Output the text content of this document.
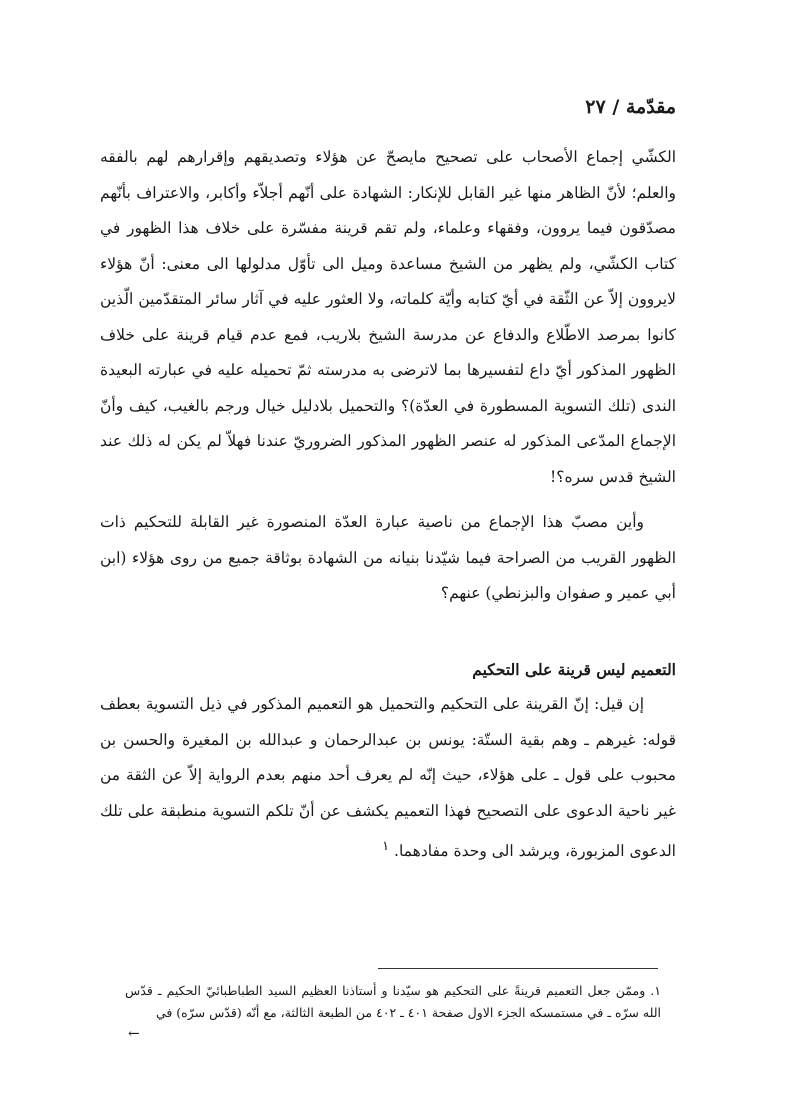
مقدّمة / ٢٧

الكشّي إجماع الأصحاب على تصحيح مايصحّ عن هؤلاء وتصديقهم وإقرارهم لهم بالفقه والعلم؛ لأنّ الظاهر منها غير القابل للإنكار: الشهادة على أنّهم أجلاّء وأكابر، والاعتراف بأنّهم مصدّقون فيما يروون، وفقهاء وعلماء، ولم تقم قرينة مفسّرة على خلاف هذا الظهور في كتاب الكشّي، ولم يظهر من الشيخ مساعدة وميل الى تأوّل مدلولها الى معنى: أنّ هؤلاء لايروون إلاّ عن الثّقة في أيّ كتابه وأيّة كلماته، ولا العثور عليه في آثار سائر المتقدّمين الّذين كانوا بمرصد الاطّلاع والدفاع عن مدرسة الشيخ بلاريب، فمع عدم قيام قرينة على خلاف الظهور المذكور أيّ داع لتفسيرها بما لاترضى به مدرسته ثمّ تحميله عليه في عبارته البعيدة الندى (تلك التسوية المسطورة في العدّة)؟ والتحميل بلادليل خيال ورجم بالغيب، كيف وأنّ الإجماع المدّعى المذكور له عنصر الظهور المذكور الضروريّ عندنا فهلاّ لم يكن له ذلك عند الشيخ قدس سره؟!

وأين مصبّ هذا الإجماع من ناصية عبارة العدّة المنصورة غير القابلة للتحكيم ذات الظهور القريب من الصراحة فيما شيّدنا بنيانه من الشهادة بوثاقة جميع من روى هؤلاء (ابن أبي عمير و صفوان والبزنطي) عنهم؟

التعميم ليس قرينة على التحكيم

إن قيل: إنّ القرينة على التحكيم والتحميل هو التعميم المذكور في ذيل التسوية بعطف قوله: غيرهم ـ وهم بقية الستّة: يونس بن عبدالرحمان و عبدالله بن المغيرة والحسن بن محبوب على قول ـ على هؤلاء، حيث إنّه لم يعرف أحد منهم بعدم الرواية إلاّ عن الثقة من غير ناحية الدعوى على التصحيح فهذا التعميم يكشف عن أنّ تلكم التسوية منطبقة على تلك الدعوى المزبورة، ويرشد الى وحدة مفادهما. $^١$

١. وممّن جعل التعميم قرينةً على التحكيم هو سيّدنا و أستاذنا العظيم السيد الطباطبائيّ الحكيم ـ قدّس الله سرّه ـ في مستمسكه الجزء الاول صفحة ٤٠١ ـ ٤٠٢ من الطبعة الثالثة، مع أنّه (قدّس سرّه) في

←
